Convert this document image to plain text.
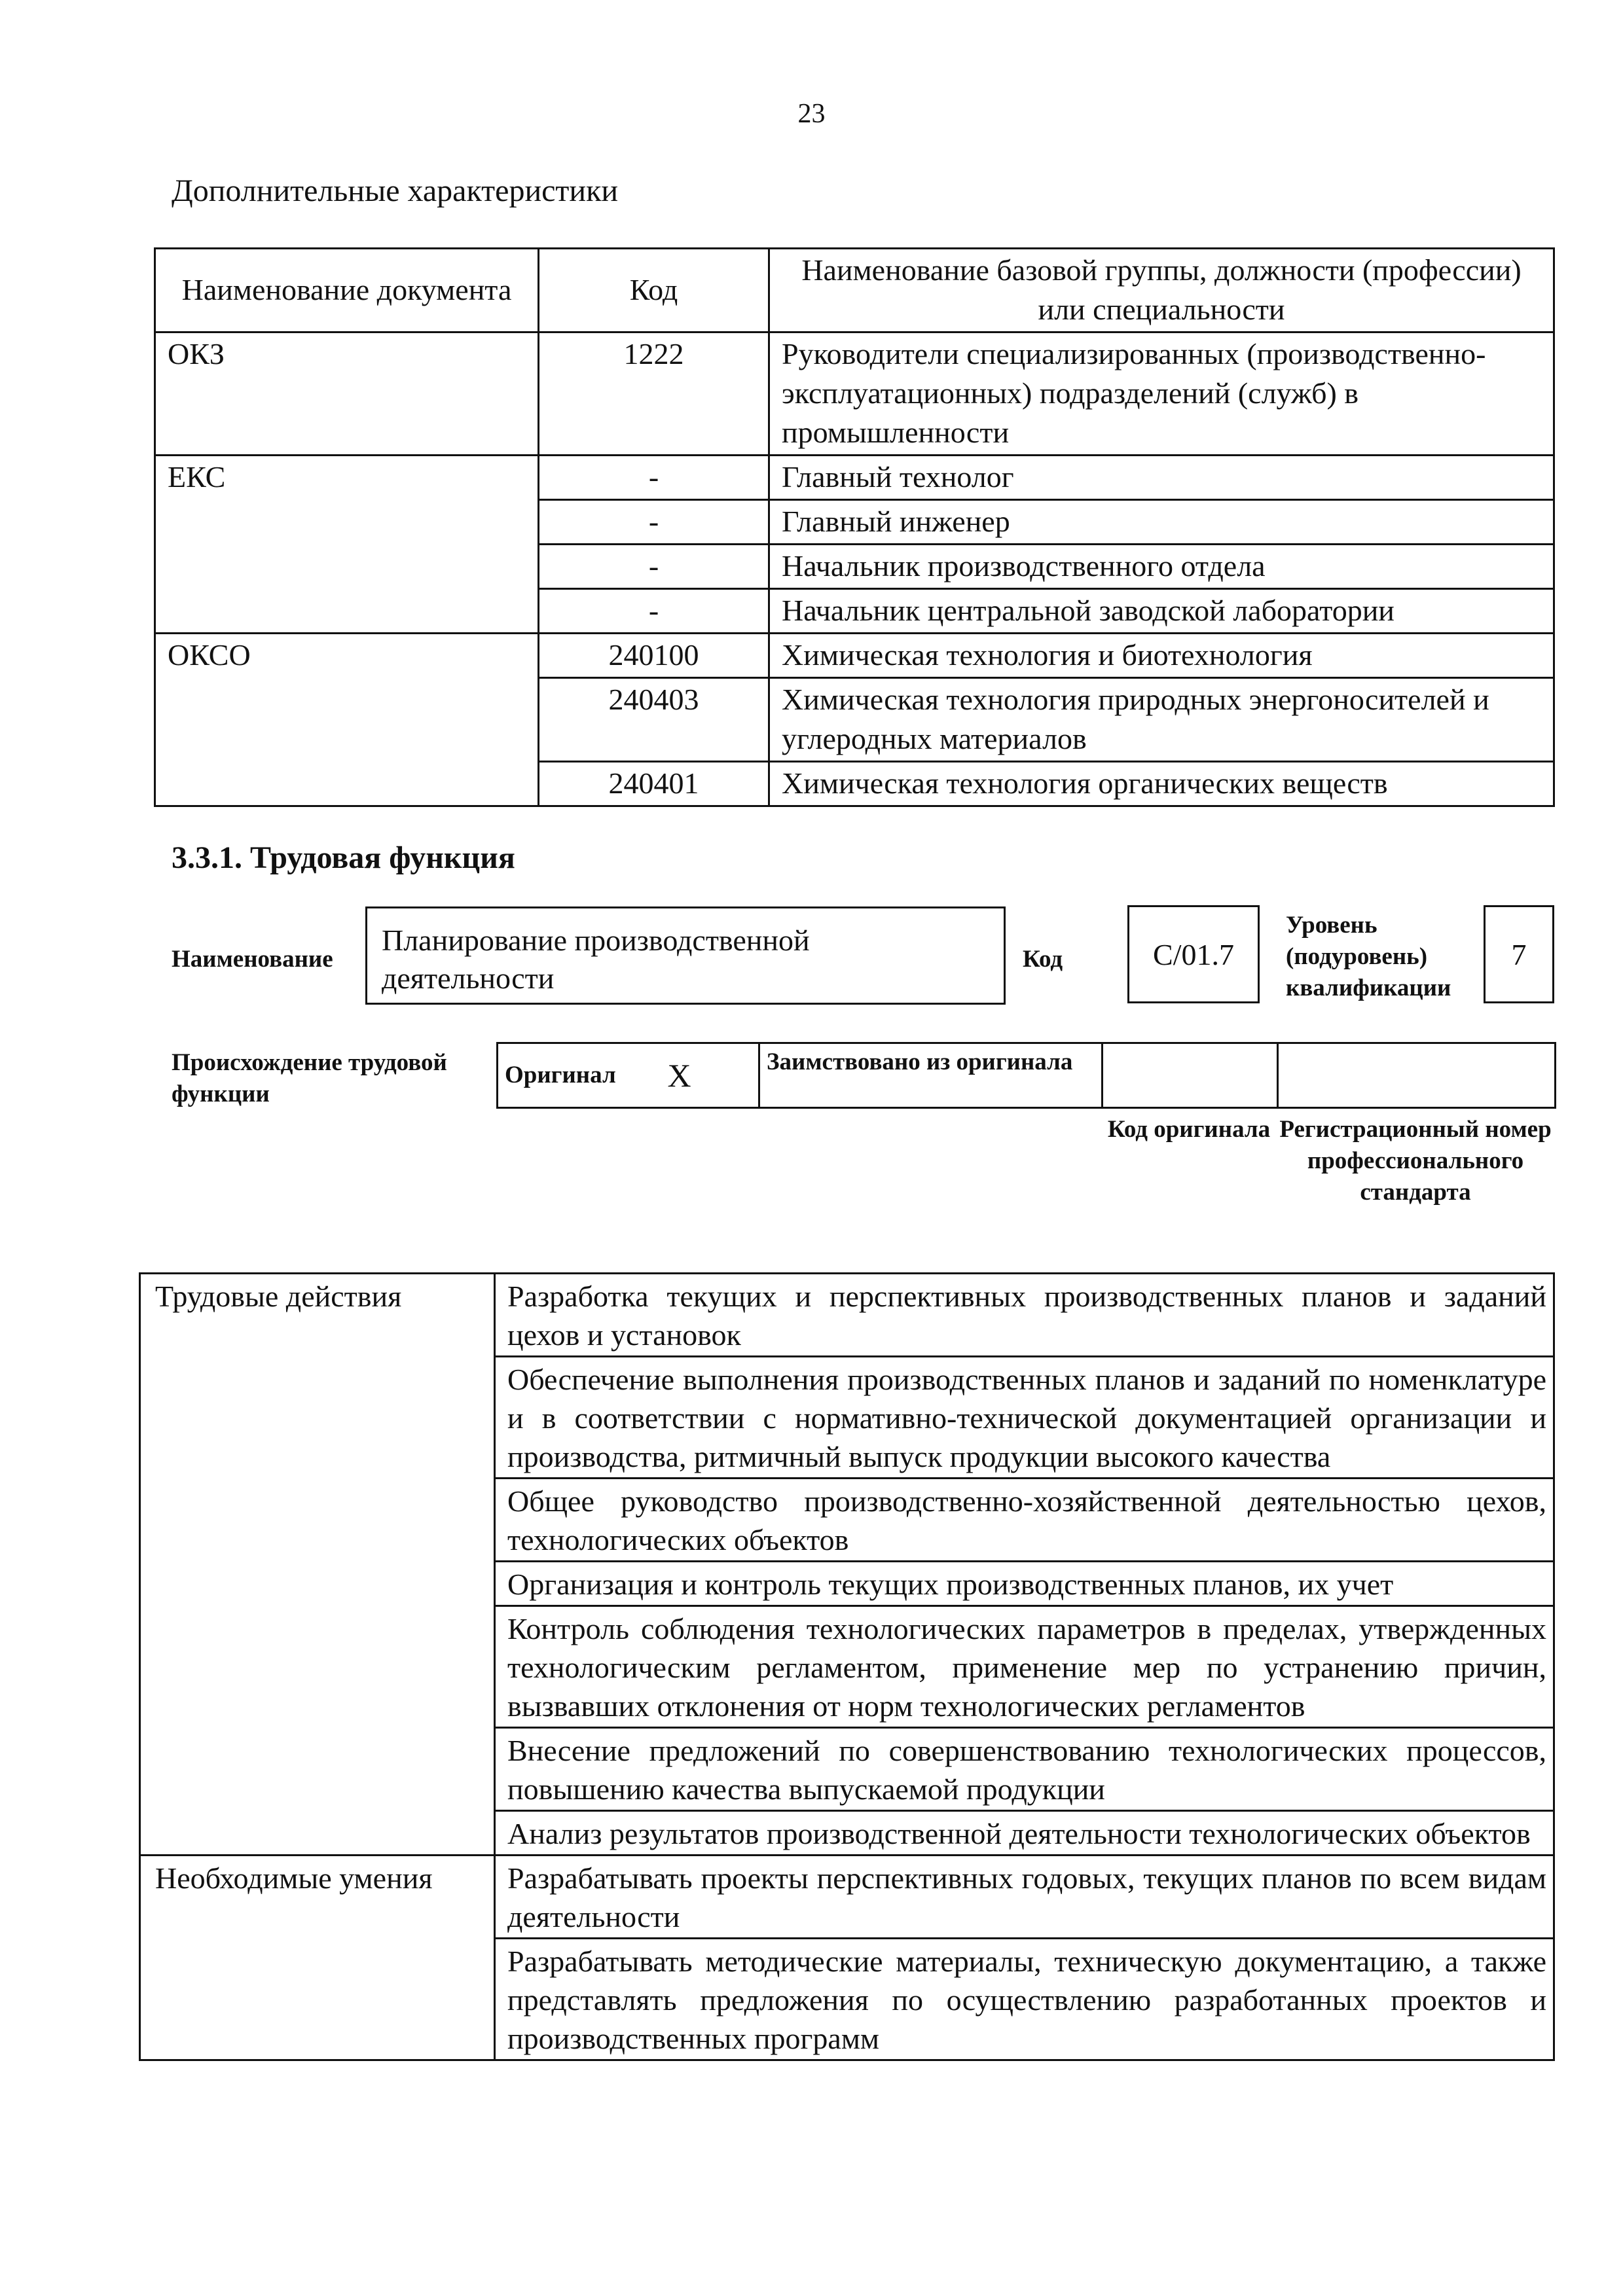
23
Дополнительные характеристики
Наименование документа	Код	Наименование базовой группы, должности (профессии) или специальности
ОКЗ	1222	Руководители специализированных (производственно-эксплуатационных) подразделений (служб) в промышленности
ЕКС	-	Главный технолог
	-	Главный инженер
	-	Начальник производственного отдела
	-	Начальник центральной заводской лаборатории
ОКСО	240100	Химическая технология и биотехнология
	240403	Химическая технология природных энергоносителей и углеродных материалов
	240401	Химическая технология органических веществ
3.3.1. Трудовая функция
Наименование
Планирование производственной деятельности
Код	C/01.7
Уровень (подуровень) квалификации
7
Происхождение трудовой функции
Оригинал	X	Заимствовано из оригинала		
Код оригинала Регистрационный номер профессионального стандарта
Трудовые действия	Разработка текущих и перспективных производственных планов и заданий цехов и установок
	Обеспечение выполнения производственных планов и заданий по номенклатуре и в соответствии с нормативно-технической документацией организации и производства, ритмичный выпуск продукции высокого качества
	Общее руководство производственно-хозяйственной деятельностью цехов, технологических объектов
	Организация и контроль текущих производственных планов, их учет
	Контроль соблюдения технологических параметров в пределах, утвержденных технологическим регламентом, применение мер по устранению причин, вызвавших отклонения от норм технологических регламентов
	Внесение предложений по совершенствованию технологических процессов, повышению качества выпускаемой продукции
	Анализ результатов производственной деятельности технологических объектов
Необходимые умения	Разрабатывать проекты перспективных годовых, текущих планов по всем видам деятельности
	Разрабатывать методические материалы, техническую документацию, а также представлять предложения по осуществлению разработанных проектов и производственных программ
